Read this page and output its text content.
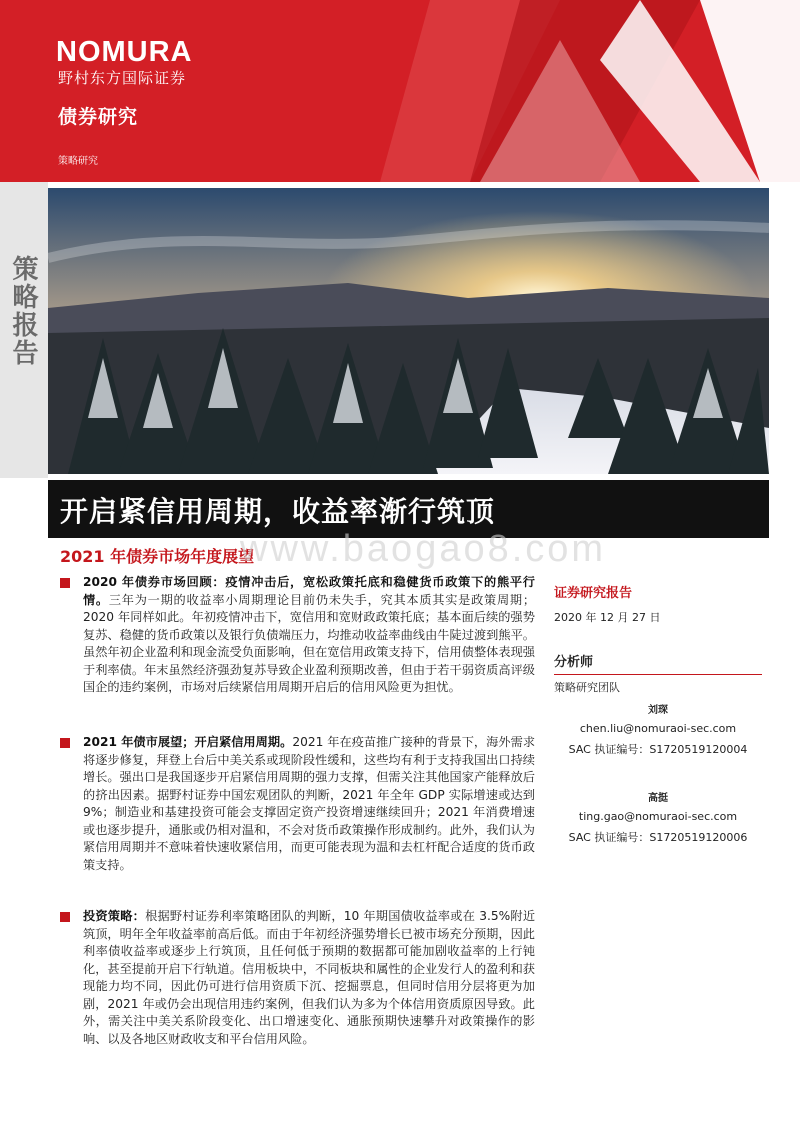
NOMURA
野村东方国际证券
债券研究
策略研究
策略报告
开启紧信用周期，收益率渐行筑顶
2021 年债券市场年度展望
www.baogao8.com
2020 年债券市场回顾：疫情冲击后，宽松政策托底和稳健货币政策下的熊平行情。三年为一期的收益率小周期理论目前仍未失手，究其本质其实是政策周期；2020 年同样如此。年初疫情冲击下，宽信用和宽财政政策托底；基本面后续的强势复苏、稳健的货币政策以及银行负债端压力，均推动收益率曲线由牛陡过渡到熊平。虽然年初企业盈利和现金流受负面影响，但在宽信用政策支持下，信用债整体表现强于利率债。年末虽然经济强劲复苏导致企业盈利预期改善，但由于若干弱资质高评级国企的违约案例，市场对后续紧信用周期开启后的信用风险更为担忧。
2021 年债市展望；开启紧信用周期。2021 年在疫苗推广接种的背景下，海外需求将逐步修复，拜登上台后中美关系或现阶段性缓和，这些均有利于支持我国出口持续增长。强出口是我国逐步开启紧信用周期的强力支撑，但需关注其他国家产能释放后的挤出因素。据野村证券中国宏观团队的判断，2021 年全年 GDP 实际增速或达到 9%；制造业和基建投资可能会支撑固定资产投资增速继续回升；2021 年消费增速或也逐步提升，通胀或仍相对温和，不会对货币政策操作形成制约。此外，我们认为紧信用周期并不意味着快速收紧信用，而更可能表现为温和去杠杆配合适度的货币政策支持。
投资策略：根据野村证券利率策略团队的判断，10 年期国债收益率或在 3.5%附近筑顶，明年全年收益率前高后低。而由于年初经济强势增长已被市场充分预期，因此利率债收益率或逐步上行筑顶，且任何低于预期的数据都可能加剧收益率的上行钝化，甚至提前开启下行轨道。信用板块中，不同板块和属性的企业发行人的盈利和获现能力均不同，因此仍可进行信用资质下沉、挖掘票息，但同时信用分层将更为加剧，2021 年或仍会出现信用违约案例，但我们认为多为个体信用资质原因导致。此外，需关注中美关系阶段变化、出口增速变化、通胀预期快速攀升对政策操作的影响、以及各地区财政收支和平台信用风险。
证券研究报告
2020 年 12 月 27 日
分析师
策略研究团队
刘琛
chen.liu@nomuraoi-sec.com
SAC 执证编号：S1720519120004
高挺
ting.gao@nomuraoi-sec.com
SAC 执证编号：S1720519120006
